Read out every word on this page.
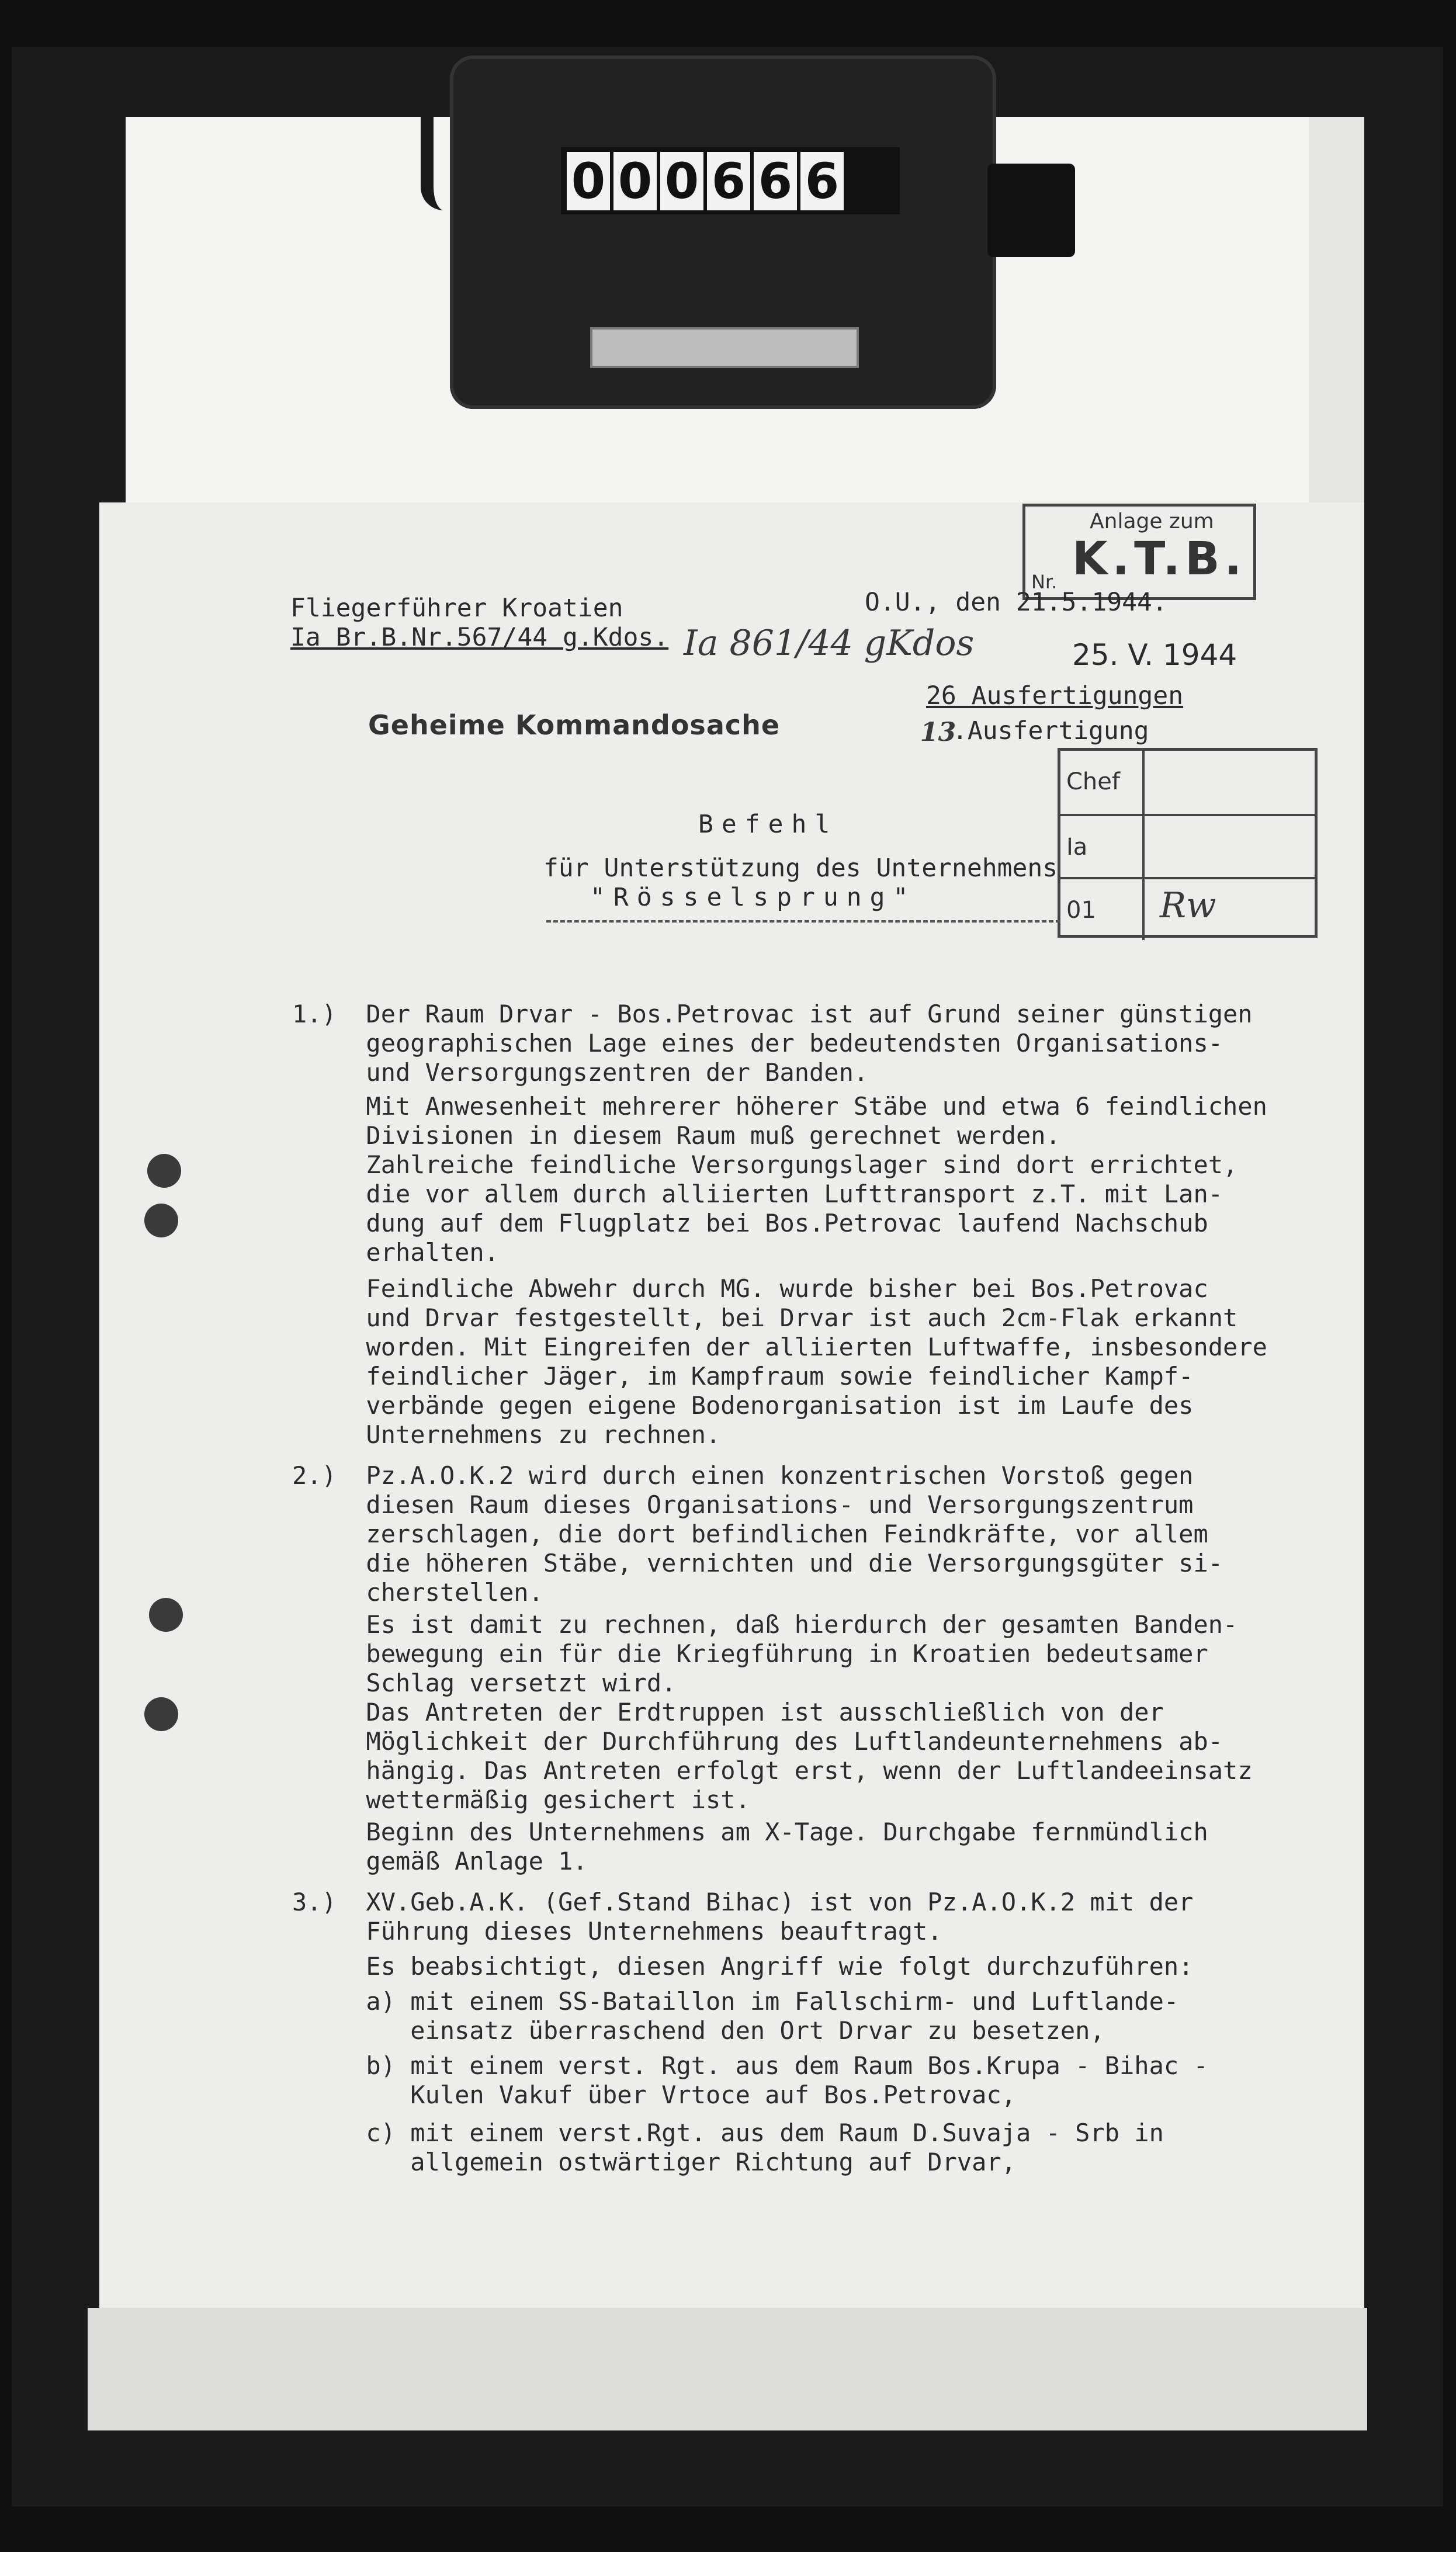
0 0 0 6 6 6
Anlage zum
K.T.B.
Nr.
Fliegerführer Kroatien
Ia Br.B.Nr.567/44 g.Kdos.
O.U., den 21.5.1944.
Ia 861/44 gKdos	25. V. 1944
26 Ausfertigungen
13
.Ausfertigung
Geheime Kommandosache
Chef
Ia
01	Rw
Befehl
für Unterstützung des Unternehmens
"Rösselsprung"
1.)  Der Raum Drvar - Bos.Petrovac ist auf Grund seiner günstigen
geographischen Lage eines der bedeutendsten Organisations-
und Versorgungszentren der Banden.
Mit Anwesenheit mehrerer höherer Stäbe und etwa 6 feindlichen
Divisionen in diesem Raum muß gerechnet werden.
Zahlreiche feindliche Versorgungslager sind dort errichtet,
die vor allem durch alliierten Lufttransport z.T. mit Lan-
dung auf dem Flugplatz bei Bos.Petrovac laufend Nachschub
erhalten.
Feindliche Abwehr durch MG. wurde bisher bei Bos.Petrovac
und Drvar festgestellt, bei Drvar ist auch 2cm-Flak erkannt
worden. Mit Eingreifen der alliierten Luftwaffe, insbesondere
feindlicher Jäger, im Kampfraum sowie feindlicher Kampf-
verbände gegen eigene Bodenorganisation ist im Laufe des
Unternehmens zu rechnen.
2.)  Pz.A.O.K.2 wird durch einen konzentrischen Vorstoß gegen
diesen Raum dieses Organisations- und Versorgungszentrum
zerschlagen, die dort befindlichen Feindkräfte, vor allem
die höheren Stäbe, vernichten und die Versorgungsgüter si-
cherstellen.
Es ist damit zu rechnen, daß hierdurch der gesamten Banden-
bewegung ein für die Kriegführung in Kroatien bedeutsamer
Schlag versetzt wird.
Das Antreten der Erdtruppen ist ausschließlich von der
Möglichkeit der Durchführung des Luftlandeunternehmens ab-
hängig. Das Antreten erfolgt erst, wenn der Luftlandeeinsatz
wettermäßig gesichert ist.
Beginn des Unternehmens am X-Tage. Durchgabe fernmündlich
gemäß Anlage 1.
3.)  XV.Geb.A.K. (Gef.Stand Bihac) ist von Pz.A.O.K.2 mit der
Führung dieses Unternehmens beauftragt.
Es beabsichtigt, diesen Angriff wie folgt durchzuführen:
a) mit einem SS-Bataillon im Fallschirm- und Luftlande-
einsatz überraschend den Ort Drvar zu besetzen,
b) mit einem verst. Rgt. aus dem Raum Bos.Krupa - Bihac -
Kulen Vakuf über Vrtoce auf Bos.Petrovac,
c) mit einem verst.Rgt. aus dem Raum D.Suvaja - Srb in
allgemein ostwärtiger Richtung auf Drvar,
